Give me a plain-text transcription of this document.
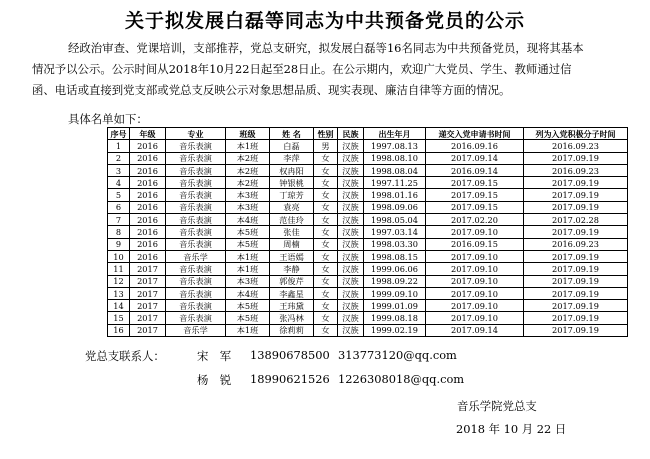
关于拟发展白磊等同志为中共预备党员的公示
经政治审查、党课培训，支部推荐，党总支研究，拟发展白磊等16名同志为中共预备党员，现将其基本情况予以公示。公示时间从2018年10月22日起至28日止。在公示期内，欢迎广大党员、学生、教师通过信函、电话或直接到党支部或党总支反映公示对象思想品质、现实表现、廉洁自律等方面的情况。
具体名单如下：
序号	年级	专业	班级	姓 名	性别	民族	出生年月	递交入党申请书时间	列为入党积极分子时间
1	2016	音乐表演	本1班	白磊	男	汉族	1997.08.13	2016.09.16	2016.09.23
2	2016	音乐表演	本2班	李萍	女	汉族	1998.08.10	2017.09.14	2017.09.19
3	2016	音乐表演	本2班	权冉阳	女	汉族	1998.08.04	2016.09.14	2016.09.23
4	2016	音乐表演	本2班	钟银桃	女	汉族	1997.11.25	2017.09.15	2017.09.19
5	2016	音乐表演	本3班	丁琼芳	女	汉族	1998.01.16	2017.09.15	2017.09.19
6	2016	音乐表演	本3班	袁亮	女	汉族	1998.09.06	2017.09.15	2017.09.19
7	2016	音乐表演	本4班	范佳玲	女	汉族	1998.05.04	2017.02.20	2017.02.28
8	2016	音乐表演	本5班	张佳	女	汉族	1997.03.14	2017.09.10	2017.09.19
9	2016	音乐表演	本5班	周楠	女	汉族	1998.03.30	2016.09.15	2016.09.23
10	2016	音乐学	本1班	王语嫣	女	汉族	1998.08.15	2017.09.10	2017.09.19
11	2017	音乐表演	本1班	李静	女	汉族	1999.06.06	2017.09.10	2017.09.19
12	2017	音乐表演	本3班	郭俊芹	女	汉族	1998.09.22	2017.09.10	2017.09.19
13	2017	音乐表演	本4班	李鑫星	女	汉族	1999.09.10	2017.09.10	2017.09.19
14	2017	音乐表演	本5班	王玮黛	女	汉族	1999.01.09	2017.09.10	2017.09.19
15	2017	音乐表演	本5班	张冯林	女	汉族	1999.08.18	2017.09.10	2017.09.19
16	2017	音乐学	本1班	徐莉莉	女	汉族	1999.02.19	2017.09.14	2017.09.19
党总支联系人：	宋　军 13890678500 313773120@qq.com
杨　锐 18990621526 1226308018@qq.com
音乐学院党总支
2018 年 10 月 22 日
